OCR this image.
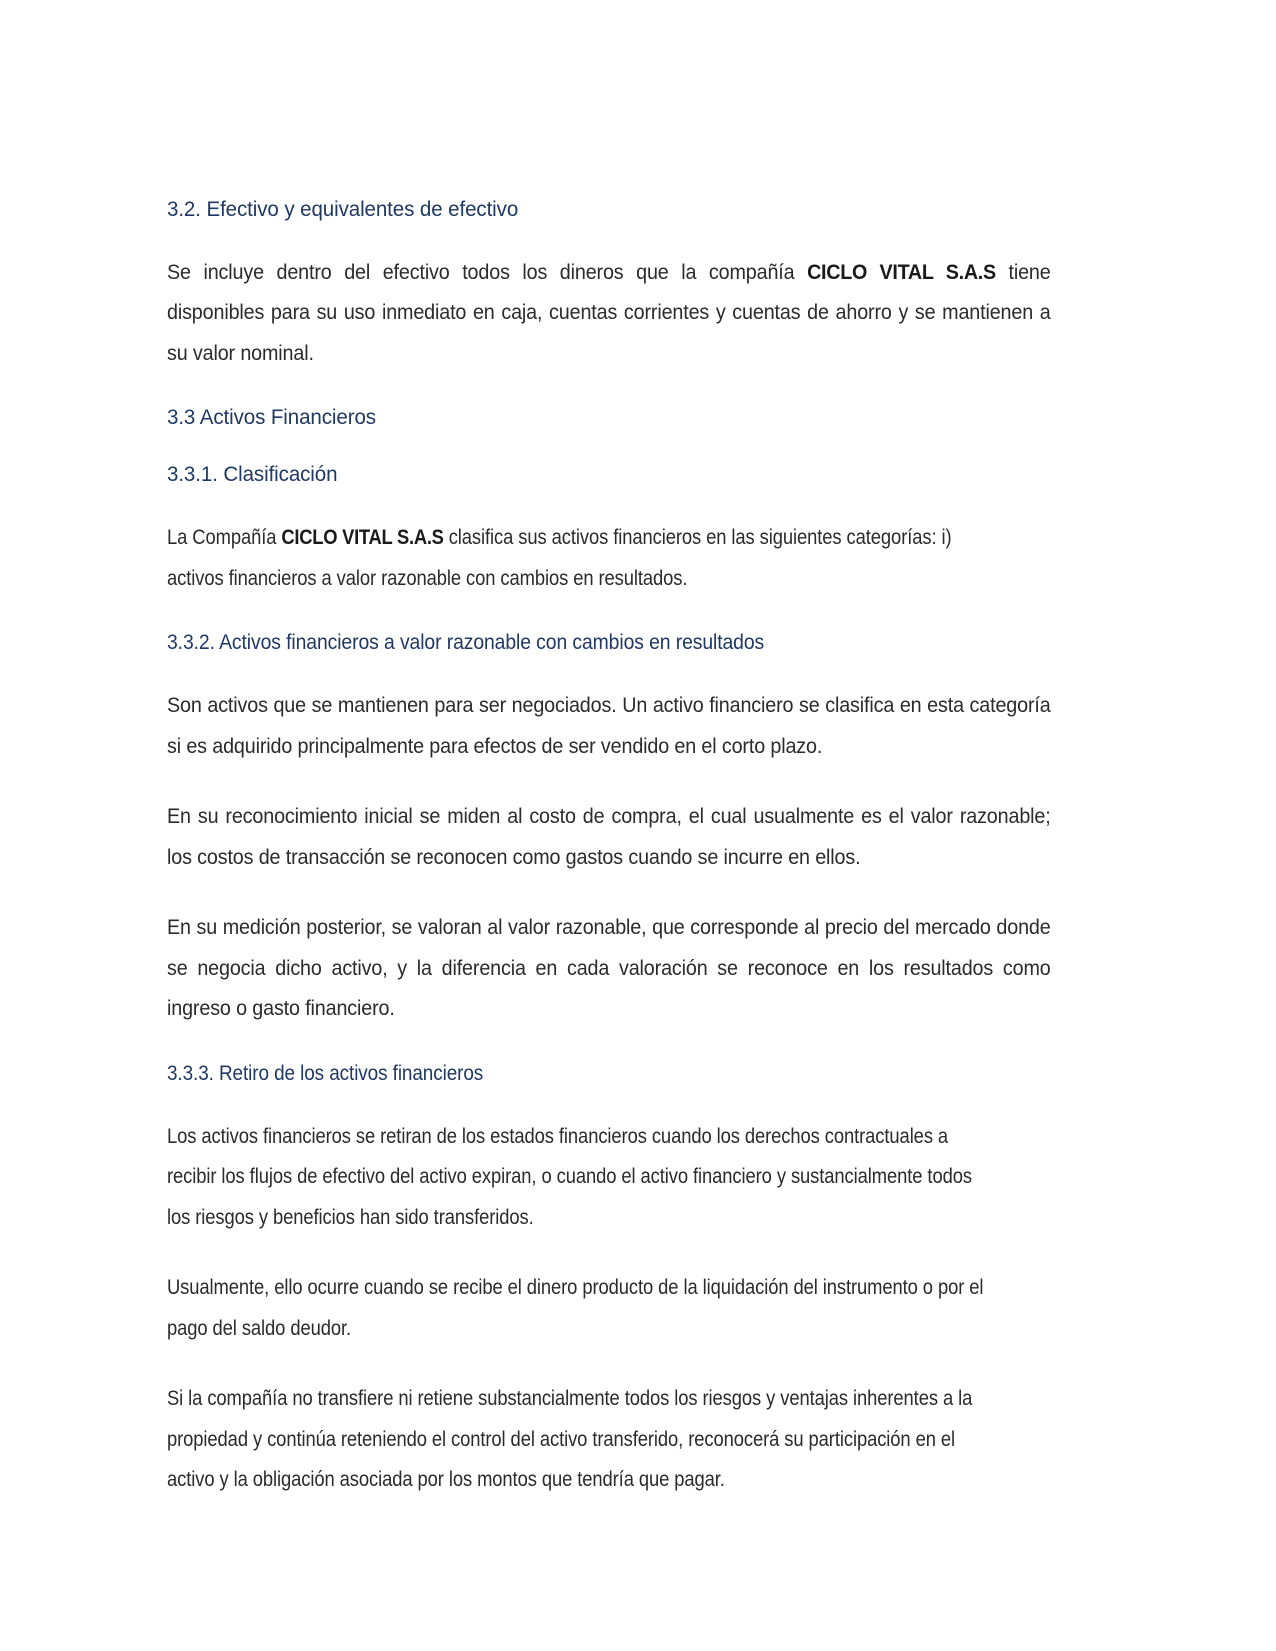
3.2. Efectivo y equivalentes de efectivo

Se incluye dentro del efectivo todos los dineros que la compañía CICLO VITAL S.A.S tiene disponibles para su uso inmediato en caja, cuentas corrientes y cuentas de ahorro y se mantienen a su valor nominal.

3.3 Activos Financieros
3.3.1. Clasificación

La Compañía CICLO VITAL S.A.S clasifica sus activos financieros en las siguientes categorías: i) activos financieros a valor razonable con cambios en resultados.

3.3.2. Activos financieros a valor razonable con cambios en resultados

Son activos que se mantienen para ser negociados. Un activo financiero se clasifica en esta categoría si es adquirido principalmente para efectos de ser vendido en el corto plazo.

En su reconocimiento inicial se miden al costo de compra, el cual usualmente es el valor razonable; los costos de transacción se reconocen como gastos cuando se incurre en ellos.

En su medición posterior, se valoran al valor razonable, que corresponde al precio del mercado donde se negocia dicho activo, y la diferencia en cada valoración se reconoce en los resultados como ingreso o gasto financiero.

3.3.3. Retiro de los activos financieros

Los activos financieros se retiran de los estados financieros cuando los derechos contractuales a recibir los flujos de efectivo del activo expiran, o cuando el activo financiero y sustancialmente todos los riesgos y beneficios han sido transferidos.

Usualmente, ello ocurre cuando se recibe el dinero producto de la liquidación del instrumento o por el pago del saldo deudor.

Si la compañía no transfiere ni retiene substancialmente todos los riesgos y ventajas inherentes a la propiedad y continúa reteniendo el control del activo transferido, reconocerá su participación en el activo y la obligación asociada por los montos que tendría que pagar.
